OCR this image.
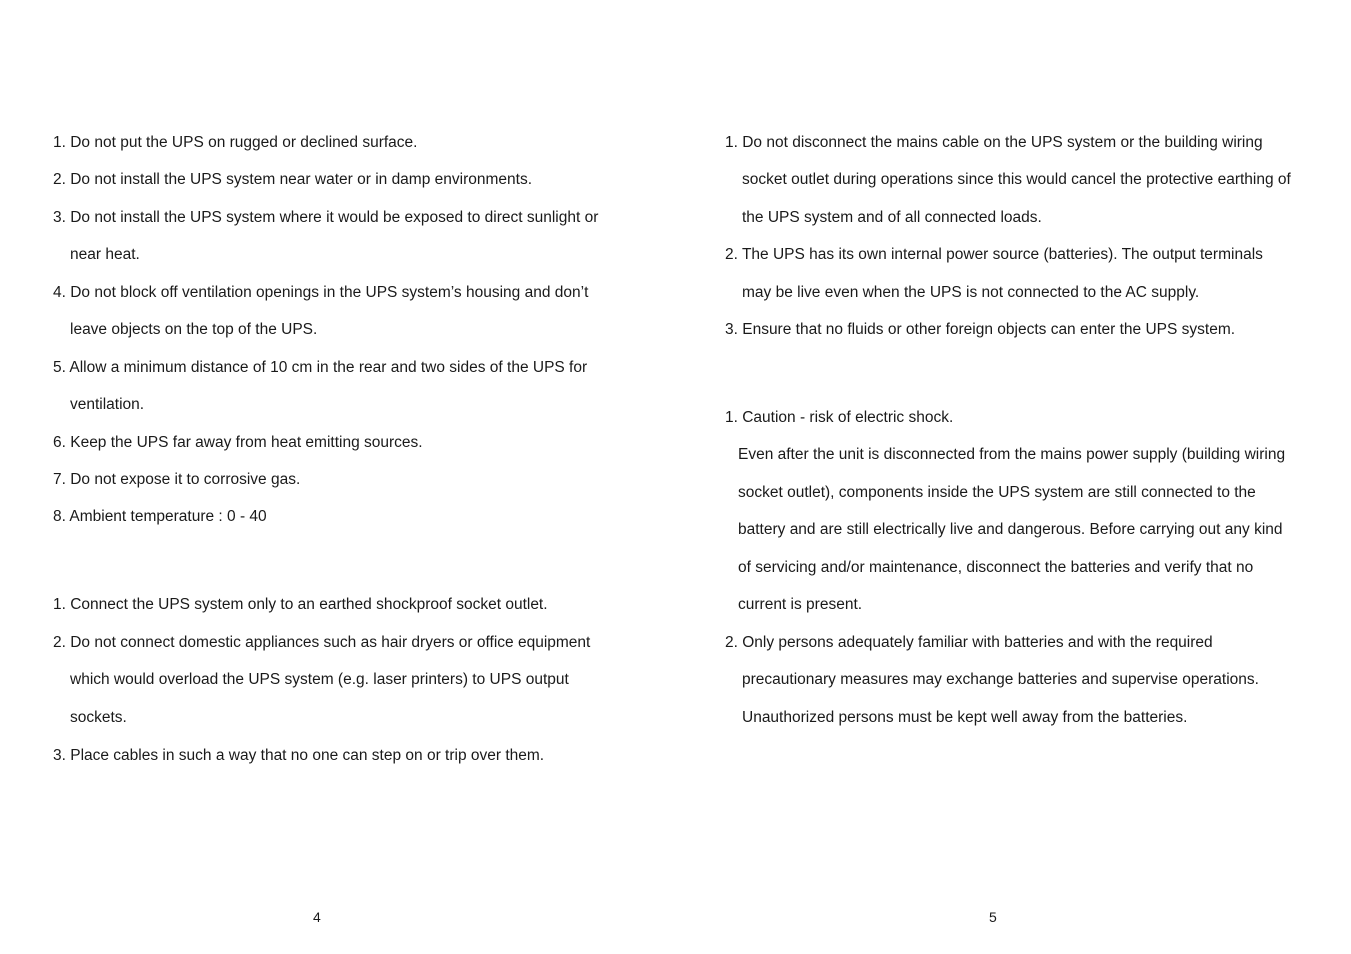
1. Do not put the UPS on rugged or declined surface.
2. Do not install the UPS system near water or in damp environments.
3. Do not install the UPS system where it would be exposed to direct sunlight or
near heat.
4. Do not block off ventilation openings in the UPS system’s housing and don’t
leave objects on the top of the UPS.
5. Allow a minimum distance of 10 cm in the rear and two sides of the UPS for
ventilation.
6. Keep the UPS far away from heat emitting sources.
7. Do not expose it to corrosive gas.
8. Ambient temperature : 0 - 40
1. Connect the UPS system only to an earthed shockproof socket outlet.
2. Do not connect domestic appliances such as hair dryers or office equipment
which would overload the UPS system (e.g. laser printers) to UPS output
sockets.
3. Place cables in such a way that no one can step on or trip over them.
4
1. Do not disconnect the mains cable on the UPS system or the building wiring
socket outlet during operations since this would cancel the protective earthing of
the UPS system and of all connected loads.
2. The UPS has its own internal power source (batteries). The output terminals
may be live even when the UPS is not connected to the AC supply.
3. Ensure that no fluids or other foreign objects can enter the UPS system.
1. Caution - risk of electric shock.
Even after the unit is disconnected from the mains power supply (building wiring
socket outlet), components inside the UPS system are still connected to the
battery and are still electrically live and dangerous. Before carrying out any kind
of servicing and/or maintenance, disconnect the batteries and verify that no
current is present.
2. Only persons adequately familiar with batteries and with the required
precautionary measures may exchange batteries and supervise operations.
Unauthorized persons must be kept well away from the batteries.
5
